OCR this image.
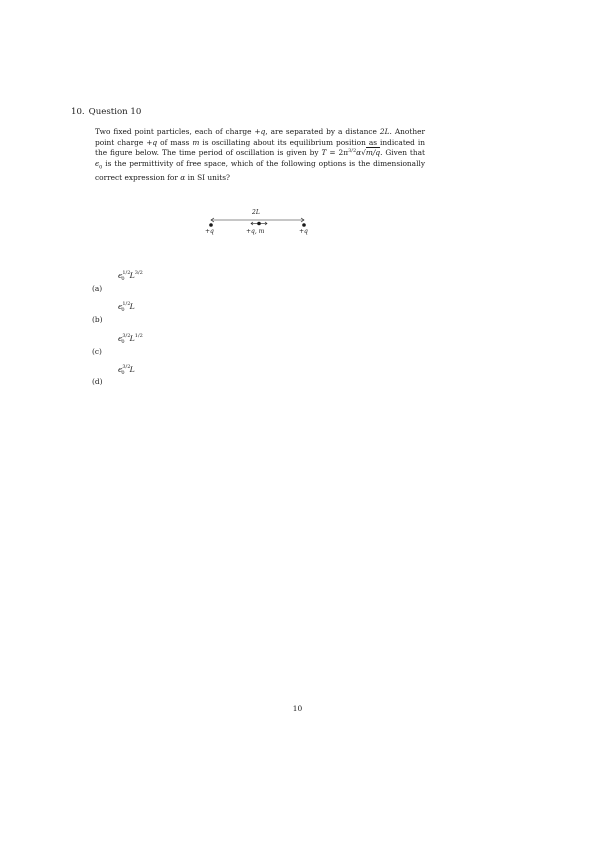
10. Question 10
Two fixed point particles, each of charge +q, are separated by a distance 2L. Another point charge +q of mass m is oscillating about its equilibrium position as indicated in the figure below. The time period of oscillation is given by $T = 2\pi^{3/2}\alpha√m/q$. Given that $\epsilon_0$ is the permittivity of free space, which of the following options is the dimensionally correct expression for α in SI units?
2L
+q	+q, m	+q
(a)
$\epsilon^{1/2}_0$ $L^{3/2}$
(b)
$\epsilon^{1/2}_0$ L
(c)
$\epsilon^{3/2}_0$ $L^{1/2}$
(d)
$\epsilon^{3/2}_0$ L
10
